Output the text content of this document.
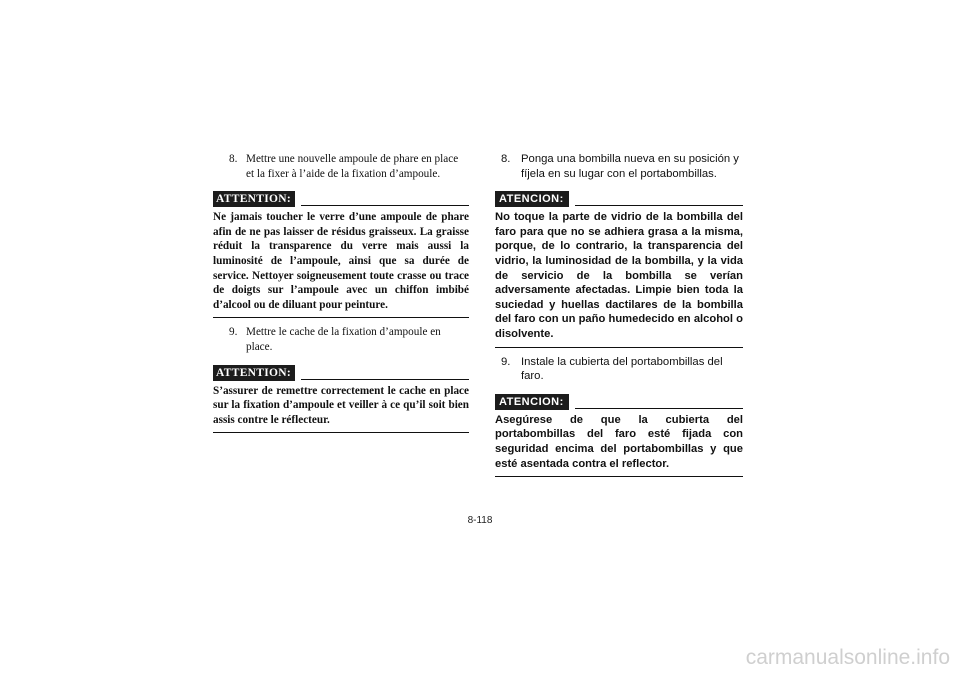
8. Mettre une nouvelle ampoule de phare en place et la fixer à l’aide de la fixation d’ampoule.
ATTENTION:
Ne jamais toucher le verre d’une ampoule de phare afin de ne pas laisser de résidus graisseux. La graisse réduit la transparence du verre mais aussi la luminosité de l’ampoule, ainsi que sa durée de service. Nettoyer soigneusement toute crasse ou trace de doigts sur l’ampoule avec un chiffon imbibé d’alcool ou de diluant pour peinture.
9. Mettre le cache de la fixation d’ampoule en place.
ATTENTION:
S’assurer de remettre correctement le cache en place sur la fixation d’ampoule et veiller à ce qu’il soit bien assis contre le réflecteur.
8. Ponga una bombilla nueva en su posición y fíjela en su lugar con el portabombillas.
ATENCION:
No toque la parte de vidrio de la bombilla del faro para que no se adhiera grasa a la misma, porque, de lo contrario, la transparencia del vidrio, la luminosidad de la bombilla, y la vida de servicio de la bombilla se verían adversamente afectadas. Limpie bien toda la suciedad y huellas dactilares de la bombilla del faro con un paño humedecido en alcohol o disolvente.
9. Instale la cubierta del portabombillas del faro.
ATENCION:
Asegúrese de que la cubierta del portabombillas del faro esté fijada con seguridad encima del portabombillas y que esté asentada contra el reflector.
8-118
carmanualsonline.info
